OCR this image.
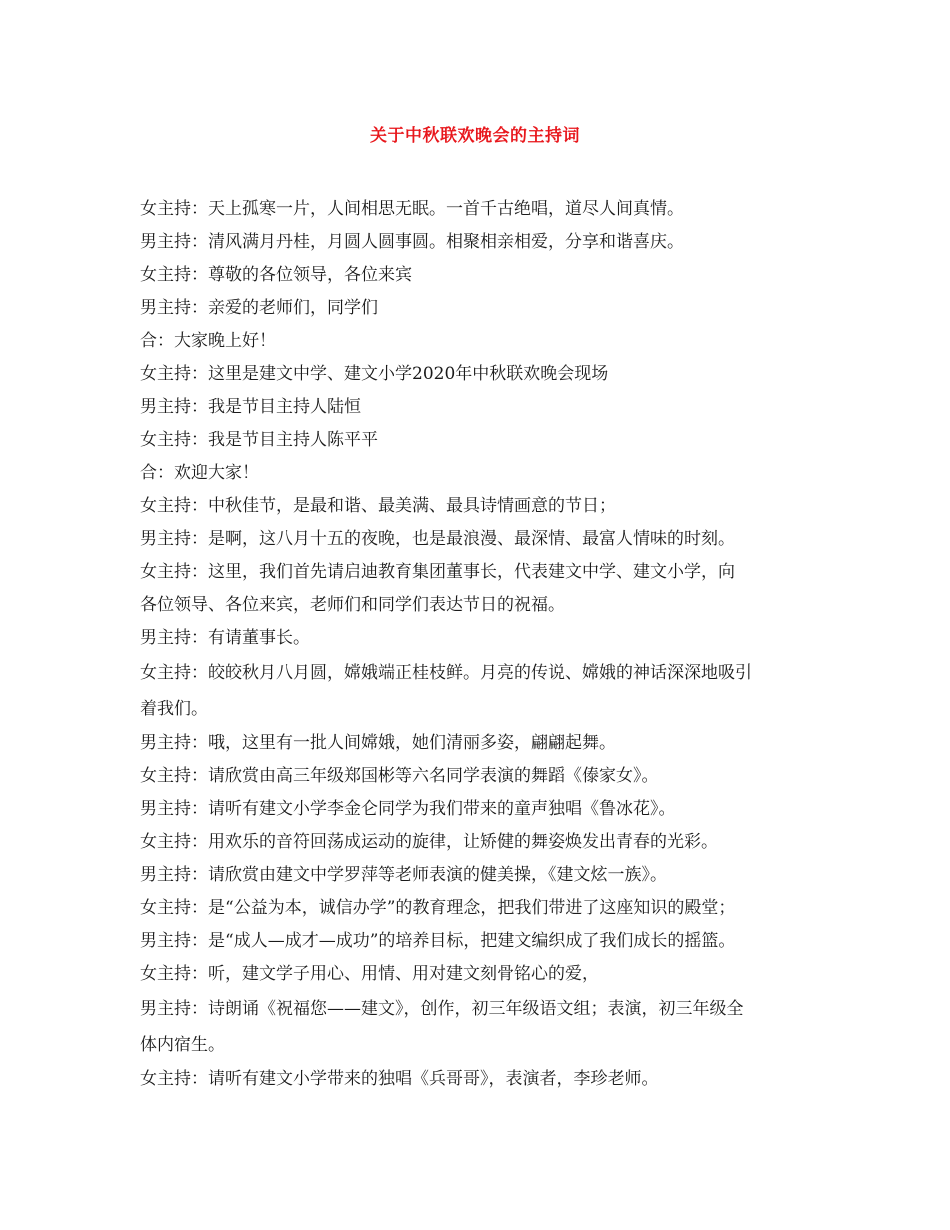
关于中秋联欢晚会的主持词

女主持：天上孤寒一片，人间相思无眠。一首千古绝唱，道尽人间真情。

男主持：清风满月丹桂，月圆人圆事圆。相聚相亲相爱，分享和谐喜庆。

女主持：尊敬的各位领导，各位来宾

男主持：亲爱的老师们，同学们

合：大家晚上好！

女主持：这里是建文中学、建文小学2020年中秋联欢晚会现场

男主持：我是节目主持人陆恒

女主持：我是节目主持人陈平平

合：欢迎大家！

女主持：中秋佳节，是最和谐、最美满、最具诗情画意的节日；

男主持：是啊，这八月十五的夜晚，也是最浪漫、最深情、最富人情味的时刻。

女主持：这里，我们首先请启迪教育集团董事长，代表建文中学、建文小学，向

各位领导、各位来宾，老师们和同学们表达节日的祝福。

男主持：有请董事长。

女主持：皎皎秋月八月圆，嫦娥端正桂枝鲜。月亮的传说、嫦娥的神话深深地吸引

着我们。

男主持：哦，这里有一批人间嫦娥，她们清丽多姿，翩翩起舞。

女主持：请欣赏由高三年级郑国彬等六名同学表演的舞蹈《傣家女》。

男主持：请听有建文小学李金仑同学为我们带来的童声独唱《鲁冰花》。

女主持：用欢乐的音符回荡成运动的旋律，让矫健的舞姿焕发出青春的光彩。

男主持：请欣赏由建文中学罗萍等老师表演的健美操，《建文炫一族》。

女主持：是“公益为本，诚信办学”的教育理念，把我们带进了这座知识的殿堂；

男主持：是“成人—成才—成功”的培养目标，把建文编织成了我们成长的摇篮。

女主持：听，建文学子用心、用情、用对建文刻骨铭心的爱，

男主持：诗朗诵《祝福您——建文》，创作，初三年级语文组；表演，初三年级全

体内宿生。

女主持：请听有建文小学带来的独唱《兵哥哥》，表演者，李珍老师。
